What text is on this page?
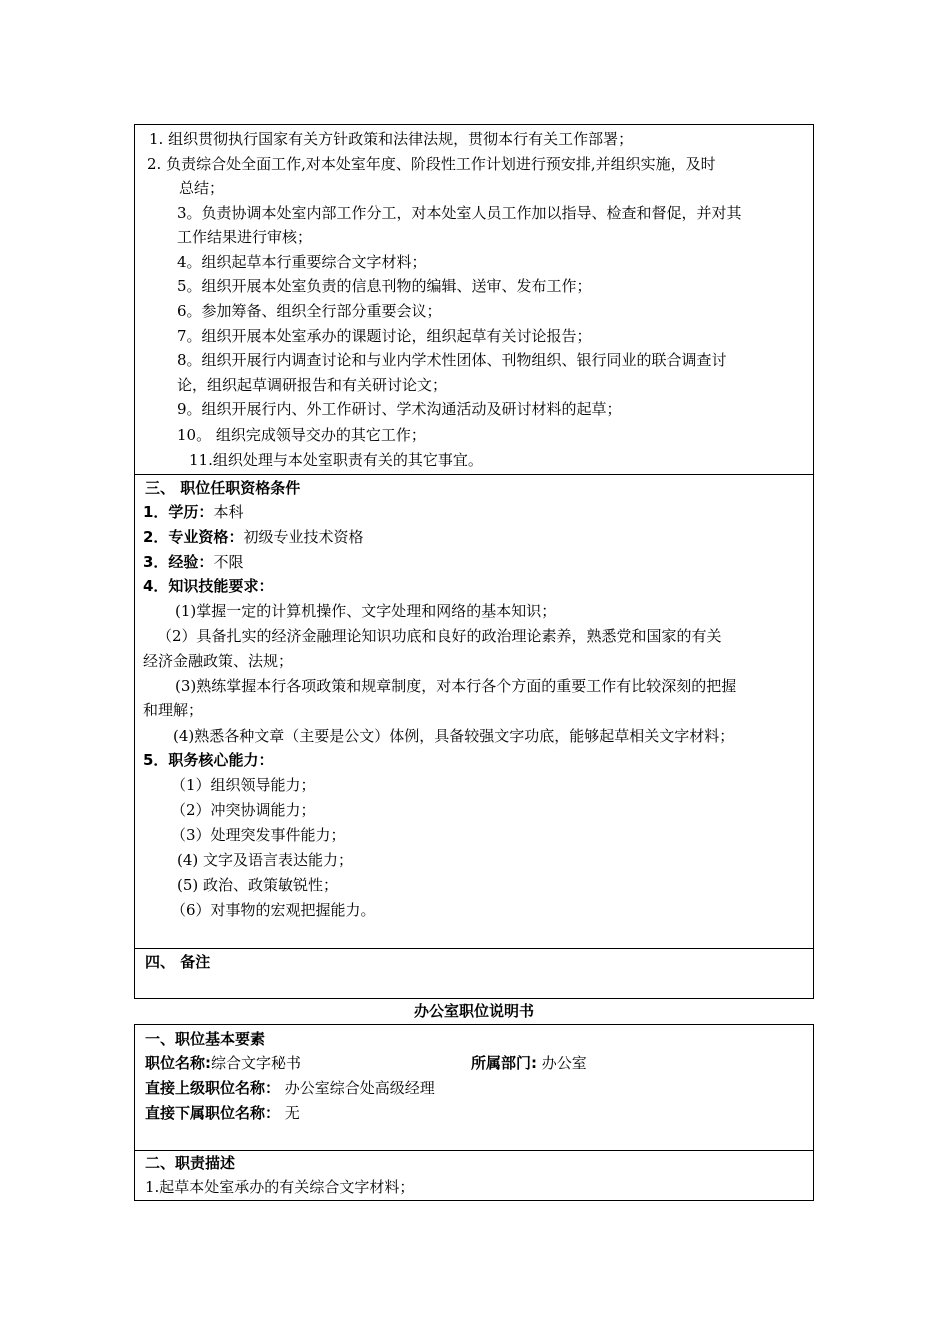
1. 组织贯彻执行国家有关方针政策和法律法规，贯彻本行有关工作部署；
2. 负责综合处全面工作,对本处室年度、阶段性工作计划进行预安排,并组织实施，及时
总结；
3。负责协调本处室内部工作分工，对本处室人员工作加以指导、检查和督促，并对其
工作结果进行审核；
4。组织起草本行重要综合文字材料；
5。组织开展本处室负责的信息刊物的编辑、送审、发布工作；
6。参加筹备、组织全行部分重要会议；
7。组织开展本处室承办的课题讨论，组织起草有关讨论报告；
8。组织开展行内调查讨论和与业内学术性团体、刊物组织、银行同业的联合调查讨
论，组织起草调研报告和有关研讨论文；
9。组织开展行内、外工作研讨、学术沟通活动及研讨材料的起草；
10。 组织完成领导交办的其它工作；
11.组织处理与本处室职责有关的其它事宜。
三、 职位任职资格条件
1．学历：本科
2．专业资格：初级专业技术资格
3．经验：不限
4．知识技能要求：
(1)掌握一定的计算机操作、文字处理和网络的基本知识；
（2）具备扎实的经济金融理论知识功底和良好的政治理论素养，熟悉党和国家的有关
经济金融政策、法规；
(3)熟练掌握本行各项政策和规章制度，对本行各个方面的重要工作有比较深刻的把握
和理解；
(4)熟悉各种文章（主要是公文）体例，具备较强文字功底，能够起草相关文字材料；
5．职务核心能力：
（1）组织领导能力；
（2）冲突协调能力；
（3）处理突发事件能力；
(4) 文字及语言表达能力；
(5) 政治、政策敏锐性；
（6）对事物的宏观把握能力。
四、 备注
办公室职位说明书
一、职位基本要素
职位名称:综合文字秘书	所属部门: 办公室
直接上级职位名称： 办公室综合处高级经理
直接下属职位名称： 无
二、职责描述
1.起草本处室承办的有关综合文字材料；
